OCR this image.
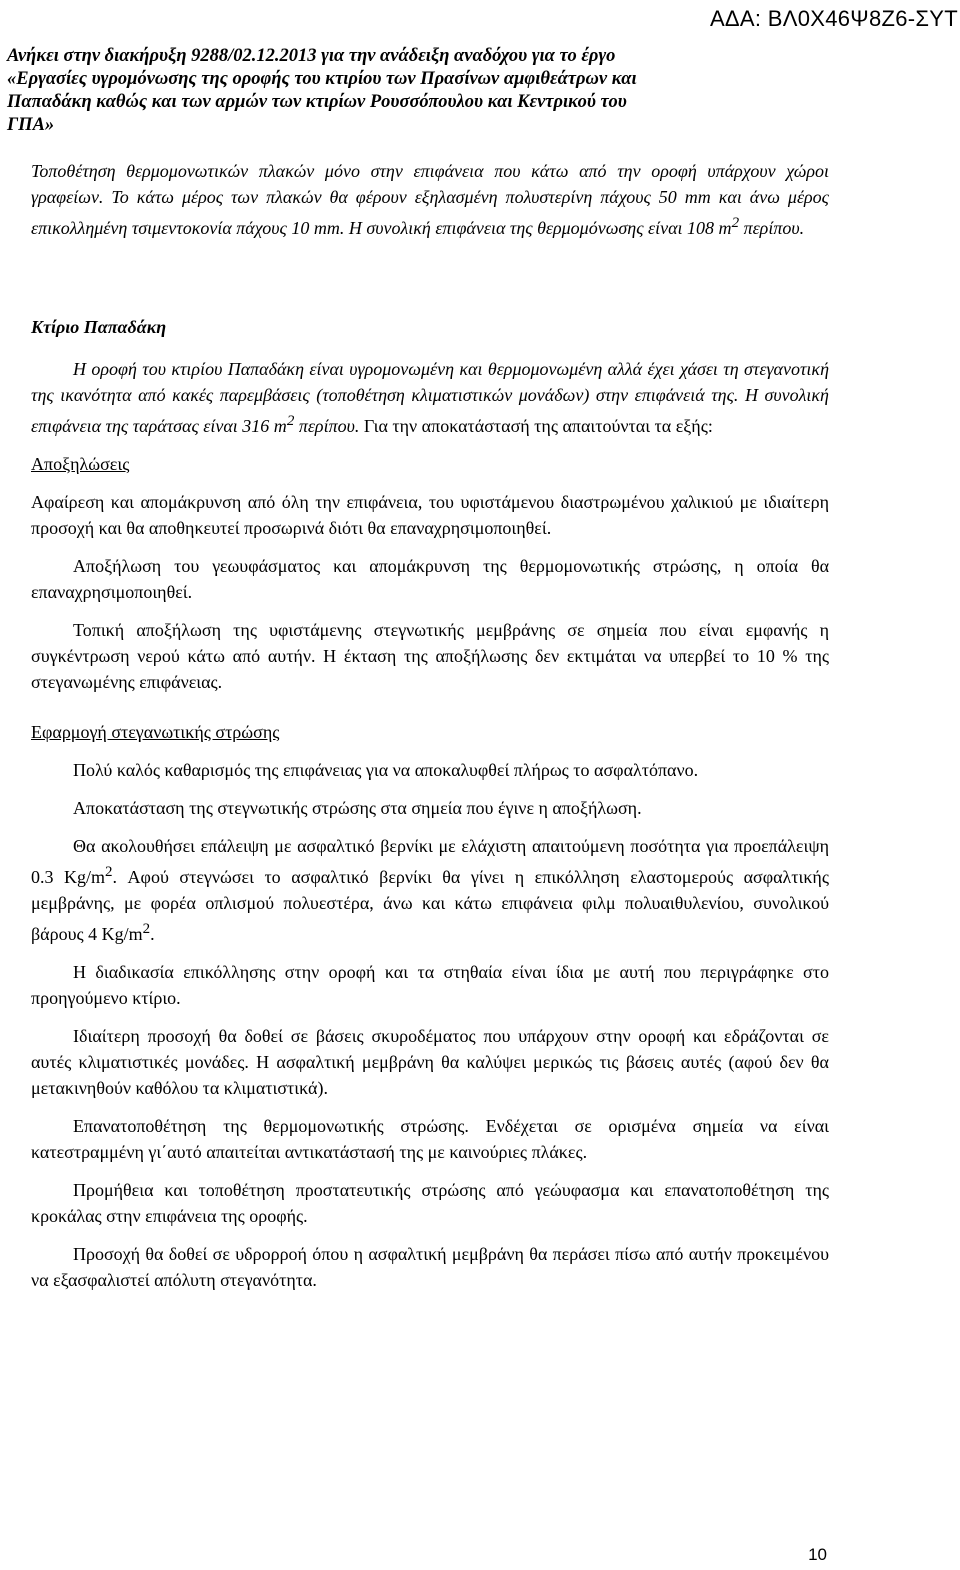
ΑΔΑ: ΒΛ0Χ46Ψ8Ζ6-ΣΥΤ
Ανήκει στην διακήρυξη 9288/02.12.2013 για την ανάδειξη αναδόχου για το έργο
«Εργασίες υγρομόνωσης της οροφής του κτιρίου των Πρασίνων αμφιθεάτρων και
Παπαδάκη καθώς και των αρμών των κτιρίων Ρουσσόπουλου και Κεντρικού του
ΓΠΑ»
Τοποθέτηση θερμομονωτικών πλακών μόνο στην επιφάνεια που κάτω από την οροφή υπάρχουν χώροι γραφείων. Το κάτω μέρος των πλακών θα φέρουν εξηλασμένη πολυστερίνη πάχους 50 mm και άνω μέρος επικολλημένη τσιμεντοκονία πάχους 10 mm. Η συνολική επιφάνεια της θερμομόνωσης είναι 108 $m^2$ περίπου.

Κτίριο Παπαδάκη

Η οροφή του κτιρίου Παπαδάκη είναι υγρομονωμένη και θερμομονωμένη αλλά έχει χάσει τη στεγανοτική της ικανότητα από κακές παρεμβάσεις (τοποθέτηση κλιματιστικών μονάδων) στην επιφάνειά της. Η συνολική επιφάνεια της ταράτσας είναι 316 $m^2$ περίπου. Για την αποκατάστασή της απαιτούνται τα εξής:

Αποξηλώσεις

Αφαίρεση και απομάκρυνση από όλη την επιφάνεια, του υφιστάμενου διαστρωμένου χαλικιού με ιδιαίτερη προσοχή και θα αποθηκευτεί προσωρινά διότι θα επαναχρησιμοποιηθεί.

Αποξήλωση του γεωυφάσματος και απομάκρυνση της θερμομονωτικής στρώσης, η οποία θα επαναχρησιμοποιηθεί.

Τοπική αποξήλωση της υφιστάμενης στεγνωτικής μεμβράνης σε σημεία που είναι εμφανής η συγκέντρωση νερού κάτω από αυτήν. Η έκταση της αποξήλωσης δεν εκτιμάται να υπερβεί το 10 % της στεγανωμένης επιφάνειας.

Εφαρμογή στεγανωτικής στρώσης

Πολύ καλός καθαρισμός της επιφάνειας για να αποκαλυφθεί πλήρως το ασφαλτόπανο.

Αποκατάσταση της στεγνωτικής στρώσης στα σημεία που έγινε η αποξήλωση.

Θα ακολουθήσει επάλειψη με ασφαλτικό βερνίκι με ελάχιστη απαιτούμενη ποσότητα για προεπάλειψη 0.3 $Kg/m^2$. Αφού στεγνώσει το ασφαλτικό βερνίκι θα γίνει η επικόλληση ελαστομερούς ασφαλτικής μεμβράνης, με φορέα οπλισμού πολυεστέρα, άνω και κάτω επιφάνεια φιλμ πολυαιθυλενίου, συνολικού βάρους 4 $Kg/m^2$.

Η διαδικασία επικόλλησης στην οροφή και τα στηθαία είναι ίδια με αυτή που περιγράφηκε στο προηγούμενο κτίριο.

Ιδιαίτερη προσοχή θα δοθεί σε βάσεις σκυροδέματος που υπάρχουν στην οροφή και εδράζονται σε αυτές κλιματιστικές μονάδες. Η ασφαλτική μεμβράνη θα καλύψει μερικώς τις βάσεις αυτές (αφού δεν θα μετακινηθούν καθόλου τα κλιματιστικά).

Επανατοποθέτηση της θερμομονωτικής στρώσης. Ενδέχεται σε ορισμένα σημεία να είναι κατεστραμμένη γι΄αυτό απαιτείται αντικατάστασή της με καινούριες πλάκες.

Προμήθεια και τοποθέτηση προστατευτικής στρώσης από γεώυφασμα και επανατοποθέτηση της κροκάλας στην επιφάνεια της οροφής.

Προσοχή θα δοθεί σε υδρορροή όπου η ασφαλτική μεμβράνη θα περάσει πίσω από αυτήν προκειμένου να εξασφαλιστεί απόλυτη στεγανότητα.

10
